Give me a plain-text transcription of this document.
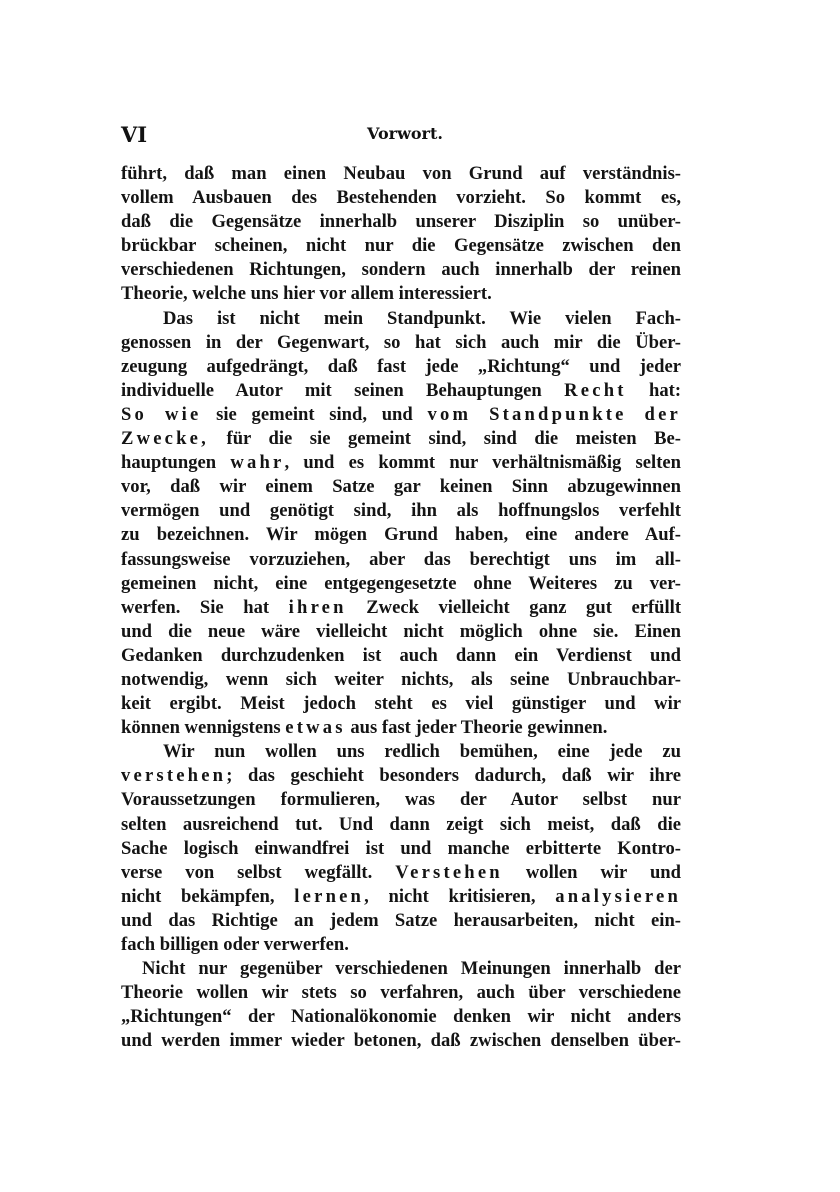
VI	Vorwort.
führt, daß man einen Neubau von Grund auf verständnis-
vollem Ausbauen des Bestehenden vorzieht. So kommt es,
daß die Gegensätze innerhalb unserer Disziplin so unüber-
brückbar scheinen, nicht nur die Gegensätze zwischen den
verschiedenen Richtungen, sondern auch innerhalb der reinen
Theorie, welche uns hier vor allem interessiert.
Das ist nicht mein Standpunkt. Wie vielen Fach-
genossen in der Gegenwart, so hat sich auch mir die Über-
zeugung aufgedrängt, daß fast jede „Richtung“ und jeder
individuelle Autor mit seinen Behauptungen Recht hat:
So wie sie gemeint sind, und vom Standpunkte der
Zwecke, für die sie gemeint sind, sind die meisten Be-
hauptungen wahr, und es kommt nur verhältnismäßig selten
vor, daß wir einem Satze gar keinen Sinn abzugewinnen
vermögen und genötigt sind, ihn als hoffnungslos verfehlt
zu bezeichnen. Wir mögen Grund haben, eine andere Auf-
fassungsweise vorzuziehen, aber das berechtigt uns im all-
gemeinen nicht, eine entgegengesetzte ohne Weiteres zu ver-
werfen. Sie hat ihren Zweck vielleicht ganz gut erfüllt
und die neue wäre vielleicht nicht möglich ohne sie. Einen
Gedanken durchzudenken ist auch dann ein Verdienst und
notwendig, wenn sich weiter nichts, als seine Unbrauchbar-
keit ergibt. Meist jedoch steht es viel günstiger und wir
können wennigstens etwas aus fast jeder Theorie gewinnen.
Wir nun wollen uns redlich bemühen, eine jede zu
verstehen; das geschieht besonders dadurch, daß wir ihre
Voraussetzungen formulieren, was der Autor selbst nur
selten ausreichend tut. Und dann zeigt sich meist, daß die
Sache logisch einwandfrei ist und manche erbitterte Kontro-
verse von selbst wegfällt. Verstehen wollen wir und
nicht bekämpfen, lernen, nicht kritisieren, analysieren
und das Richtige an jedem Satze herausarbeiten, nicht ein-
fach billigen oder verwerfen.
Nicht nur gegenüber verschiedenen Meinungen innerhalb der
Theorie wollen wir stets so verfahren, auch über verschiedene
„Richtungen“ der Nationalökonomie denken wir nicht anders
und werden immer wieder betonen, daß zwischen denselben über-
